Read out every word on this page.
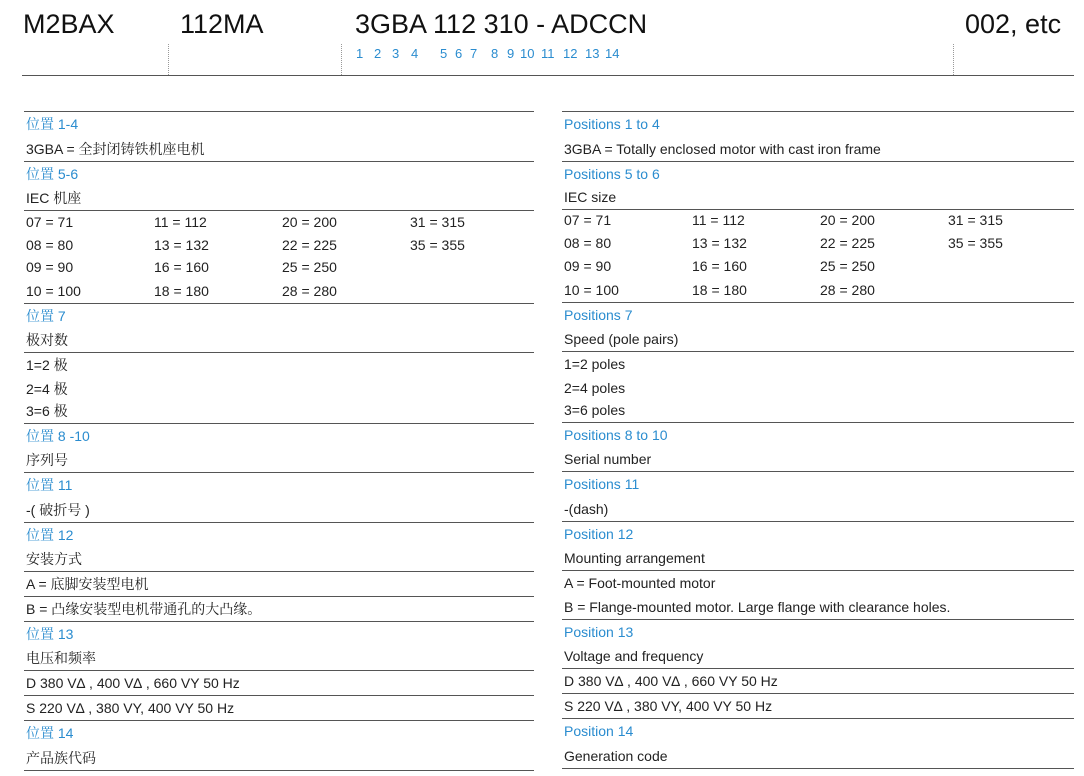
M2BAX 112MA	3GBA 112 310 - ADCCN	002, etc
1 2 3 4 5 6 7 8 9 10 11 12 13 14
位置 1-4
3GBA = 全封闭铸铁机座电机
位置 5-6
IEC 机座
07 = 71	11 = 112	20 = 200	31 = 315
08 = 80	13 = 132	22 = 225	35 = 355
09 = 90	16 = 160	25 = 250
10 = 100	18 = 180	28 = 280
位置 7
极对数
1=2 极
2=4 极
3=6 极
位置 8 -10
序列号
位置 11
-( 破折号 )
位置 12
安装方式
A = 底脚安装型电机
B = 凸缘安装型电机带通孔的大凸缘。
位置 13
电压和频率
D 380 V∆ , 400 V∆ , 660 VY 50 Hz
S 220 V∆ , 380 VY, 400 VY 50 Hz
位置 14
产品族代码
Positions 1 to 4
3GBA = Totally enclosed motor with cast iron frame
Positions 5 to 6
IEC size
07 = 71	11 = 112	20 = 200	31 = 315
08 = 80	13 = 132	22 = 225	35 = 355
09 = 90	16 = 160	25 = 250
10 = 100	18 = 180	28 = 280
Positions 7
Speed (pole pairs)
1=2 poles
2=4 poles
3=6 poles
Positions 8 to 10
Serial number
Positions 11
-(dash)
Position 12
Mounting arrangement
A = Foot-mounted motor
B = Flange-mounted motor. Large flange with clearance holes.
Position 13
Voltage and frequency
D 380 V∆ , 400 V∆ , 660 VY 50 Hz
S 220 V∆ , 380 VY, 400 VY 50 Hz
Position 14
Generation code
